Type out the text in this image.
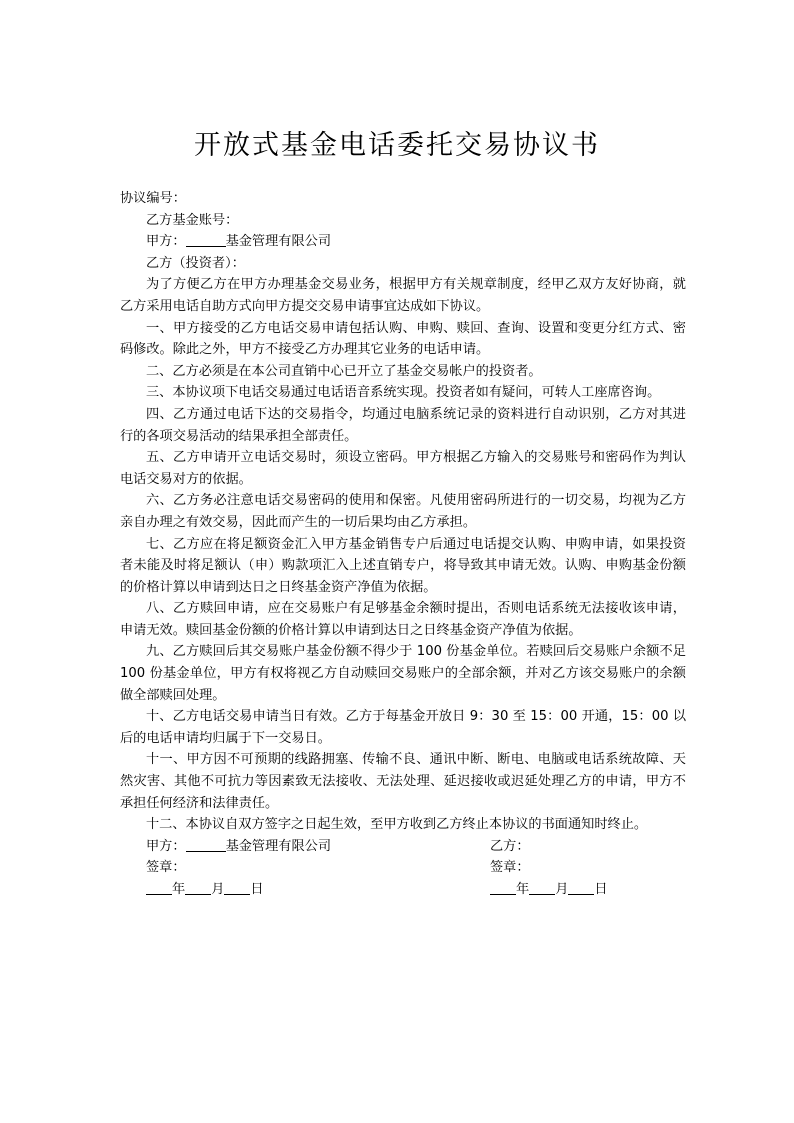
开放式基金电话委托交易协议书
协议编号：
乙方基金账号：
甲方：	基金管理有限公司
乙方（投资者）：
为了方便乙方在甲方办理基金交易业务，根据甲方有关规章制度，经甲乙双方友好协商，就乙方采用电话自助方式向甲方提交交易申请事宜达成如下协议。
一、甲方接受的乙方电话交易申请包括认购、申购、赎回、查询、设置和变更分红方式、密码修改。除此之外，甲方不接受乙方办理其它业务的电话申请。
二、乙方必须是在本公司直销中心已开立了基金交易帐户的投资者。
三、本协议项下电话交易通过电话语音系统实现。投资者如有疑问，可转人工座席咨询。
四、乙方通过电话下达的交易指令，均通过电脑系统记录的资料进行自动识别，乙方对其进行的各项交易活动的结果承担全部责任。
五、乙方申请开立电话交易时，须设立密码。甲方根据乙方输入的交易账号和密码作为判认电话交易对方的依据。
六、乙方务必注意电话交易密码的使用和保密。凡使用密码所进行的一切交易，均视为乙方亲自办理之有效交易，因此而产生的一切后果均由乙方承担。
七、乙方应在将足额资金汇入甲方基金销售专户后通过电话提交认购、申购申请，如果投资者未能及时将足额认（申）购款项汇入上述直销专户，将导致其申请无效。认购、申购基金份额的价格计算以申请到达日之日终基金资产净值为依据。
八、乙方赎回申请，应在交易账户有足够基金余额时提出，否则电话系统无法接收该申请，申请无效。赎回基金份额的价格计算以申请到达日之日终基金资产净值为依据。
九、乙方赎回后其交易账户基金份额不得少于 100 份基金单位。若赎回后交易账户余额不足 100 份基金单位，甲方有权将视乙方自动赎回交易账户的全部余额，并对乙方该交易账户的余额做全部赎回处理。
十、乙方电话交易申请当日有效。乙方于每基金开放日 9：30 至 15：00 开通，15：00 以后的电话申请均归属于下一交易日。
十一、甲方因不可预期的线路拥塞、传输不良、通讯中断、断电、电脑或电话系统故障、天然灾害、其他不可抗力等因素致无法接收、无法处理、延迟接收或迟延处理乙方的申请，甲方不承担任何经济和法律责任。
十二、本协议自双方签字之日起生效，至甲方收到乙方终止本协议的书面通知时终止。
甲方：	基金管理有限公司	乙方：
签章：	签章：
年 月 日	年 月 日
